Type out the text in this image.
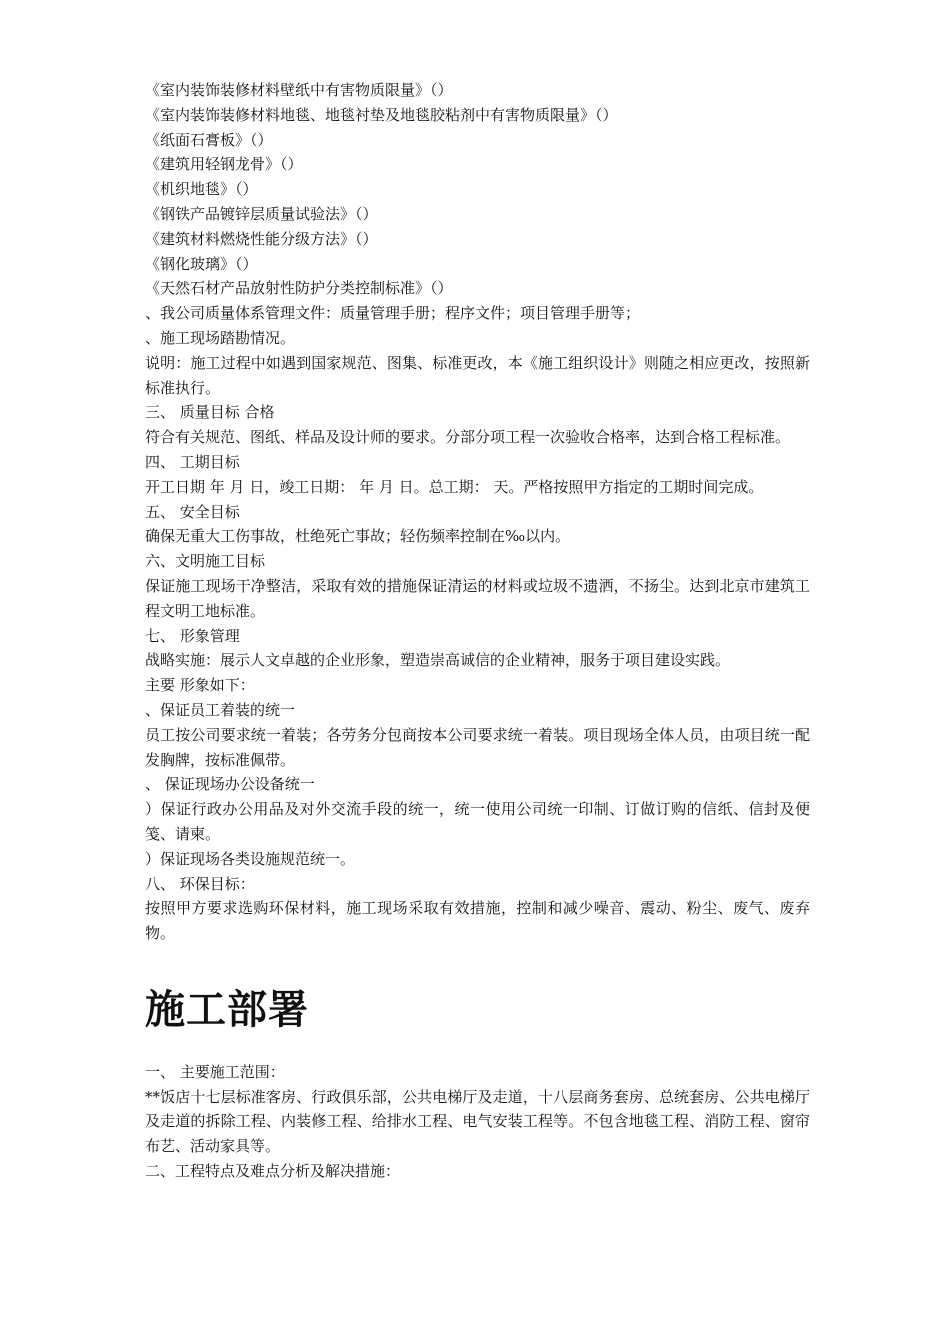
《室内装饰装修材料壁纸中有害物质限量》（）

《室内装饰装修材料地毯、地毯衬垫及地毯胶粘剂中有害物质限量》（）

《纸面石膏板》（）

《建筑用轻钢龙骨》（）

《机织地毯》（）

《钢铁产品镀锌层质量试验法》（）

《建筑材料燃烧性能分级方法》（）

《钢化玻璃》（）

《天然石材产品放射性防护分类控制标准》（）

、我公司质量体系管理文件：质量管理手册；程序文件；项目管理手册等；

、施工现场踏勘情况。

说明：施工过程中如遇到国家规范、图集、标准更改，本《施工组织设计》则随之相应更改，按照新标准执行。

三、 质量目标 合格

符合有关规范、图纸、样品及设计师的要求。分部分项工程一次验收合格率，达到合格工程标准。

四、 工期目标

开工日期 年 月 日，竣工日期： 年 月 日。总工期： 天。严格按照甲方指定的工期时间完成。

五、 安全目标

确保无重大工伤事故，杜绝死亡事故；轻伤频率控制在‰以内。

六、文明施工目标

保证施工现场干净整洁，采取有效的措施保证清运的材料或垃圾不遗洒，不扬尘。达到北京市建筑工程文明工地标准。

七、 形象管理

战略实施：展示人文卓越的企业形象，塑造崇高诚信的企业精神，服务于项目建设实践。

主要 形象如下：

、保证员工着装的统一

员工按公司要求统一着装；各劳务分包商按本公司要求统一着装。项目现场全体人员，由项目统一配发胸牌，按标准佩带。

、 保证现场办公设备统一

）保证行政办公用品及对外交流手段的统一，统一使用公司统一印制、订做订购的信纸、信封及便笺、请柬。

）保证现场各类设施规范统一。

八、 环保目标：

按照甲方要求选购环保材料，施工现场采取有效措施，控制和减少噪音、震动、粉尘、废气、废弃物。

施工部署

一、 主要施工范围：

**饭店十七层标准客房、行政俱乐部，公共电梯厅及走道，十八层商务套房、总统套房、公共电梯厅及走道的拆除工程、内装修工程、给排水工程、电气安装工程等。不包含地毯工程、消防工程、窗帘布艺、活动家具等。

二、工程特点及难点分析及解决措施：
